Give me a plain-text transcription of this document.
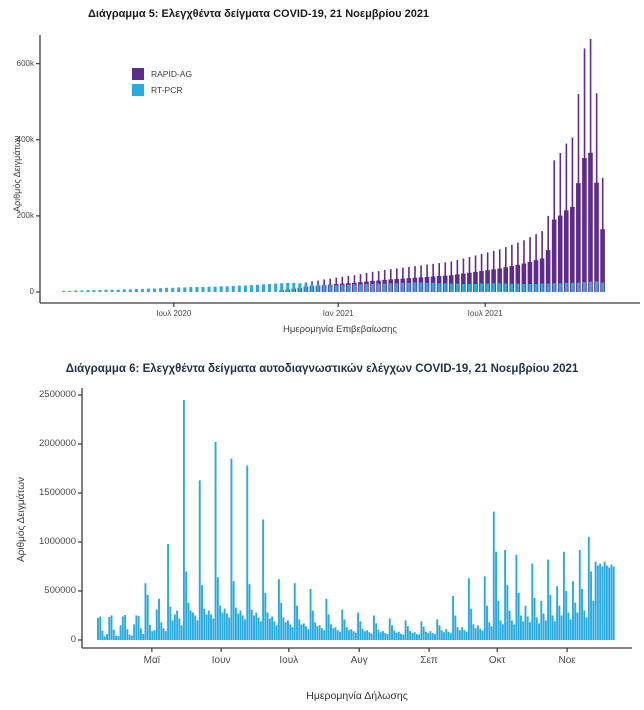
Διάγραμμα 5: Ελεγχθέντα δείγματα COVID-19, 21 Νοεμβρίου 2021
Αριθμός Δειγμάτων
RAPID-AG
RT-PCR
Ημερομηνία Επιβεβαίωσης
Διάγραμμα 6: Ελεγχθέντα δείγματα αυτοδιαγνωστικών ελέγχων COVID-19, 21 Νοεμβρίου 2021
Αριθμός Δειγμάτων
Ημερομηνία Δήλωσης
0
200k
400k
600k
Ιουλ 2020	Ιαν 2021	Ιουλ 2021
0
500000
1000000
1500000
2000000
2500000
Μαϊ	Ιουν	Ιουλ	Αυγ	Σεπ	Οκτ	Νοε
